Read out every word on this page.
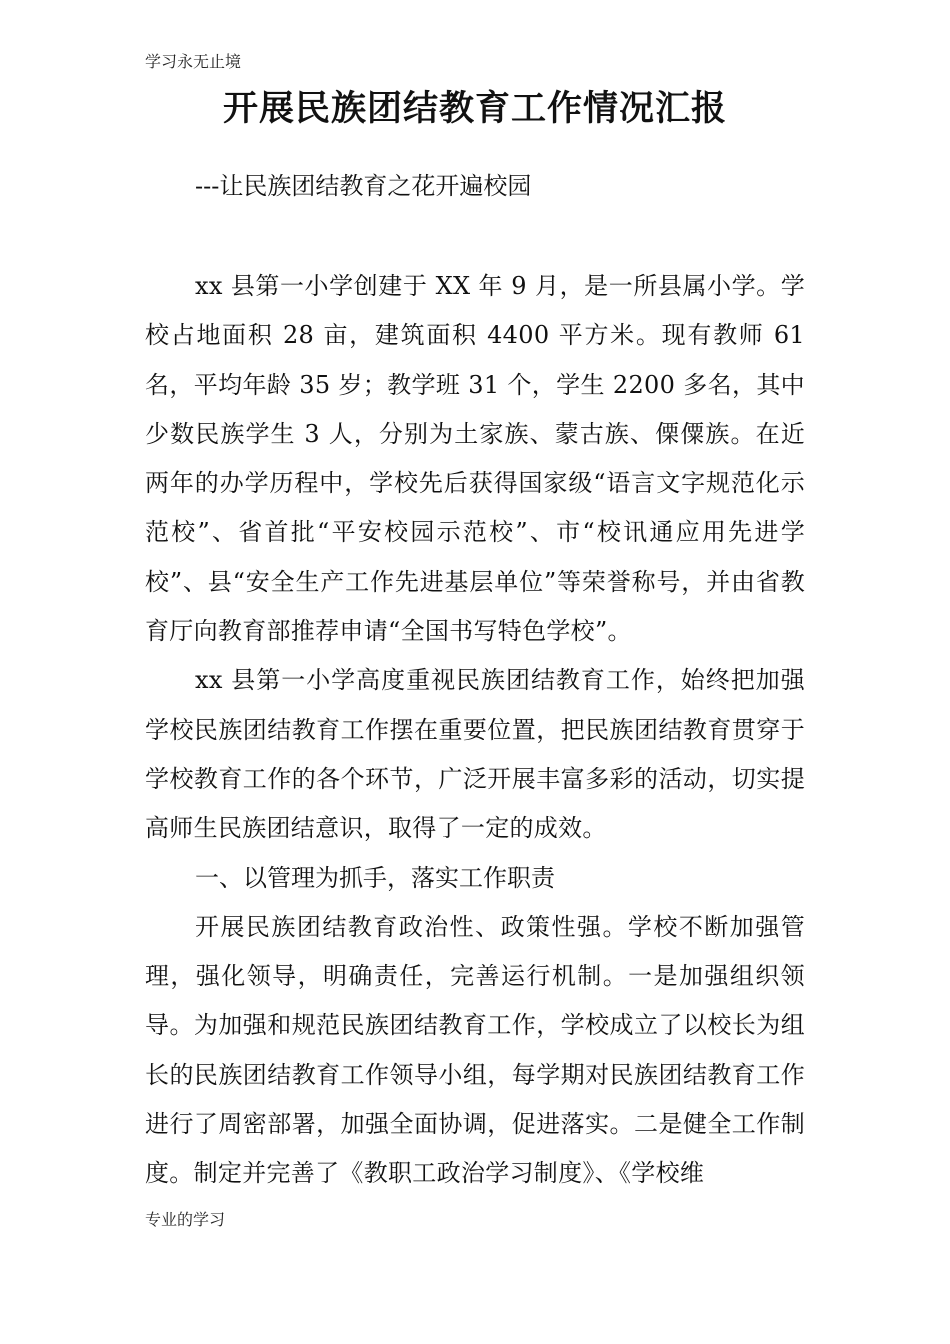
学习永无止境
开展民族团结教育工作情况汇报
---让民族团结教育之花开遍校园

xx 县第一小学创建于 XX 年 9 月，是一所县属小学。学校占地面积 28 亩，建筑面积 4400 平方米。现有教师 61 名，平均年龄 35 岁；教学班 31 个，学生 2200 多名，其中少数民族学生 3 人，分别为土家族、蒙古族、傈僳族。在近两年的办学历程中，学校先后获得国家级“语言文字规范化示范校”、省首批“平安校园示范校”、市“校讯通应用先进学校”、县“安全生产工作先进基层单位”等荣誉称号，并由省教育厅向教育部推荐申请“全国书写特色学校”。

xx 县第一小学高度重视民族团结教育工作，始终把加强学校民族团结教育工作摆在重要位置，把民族团结教育贯穿于学校教育工作的各个环节，广泛开展丰富多彩的活动，切实提高师生民族团结意识，取得了一定的成效。

一、以管理为抓手，落实工作职责

开展民族团结教育政治性、政策性强。学校不断加强管理，强化领导，明确责任，完善运行机制。一是加强组织领导。为加强和规范民族团结教育工作，学校成立了以校长为组长的民族团结教育工作领导小组，每学期对民族团结教育工作进行了周密部署，加强全面协调，促进落实。二是健全工作制度。制定并完善了《教职工政治学习制度》、《学校维

专业的学习
